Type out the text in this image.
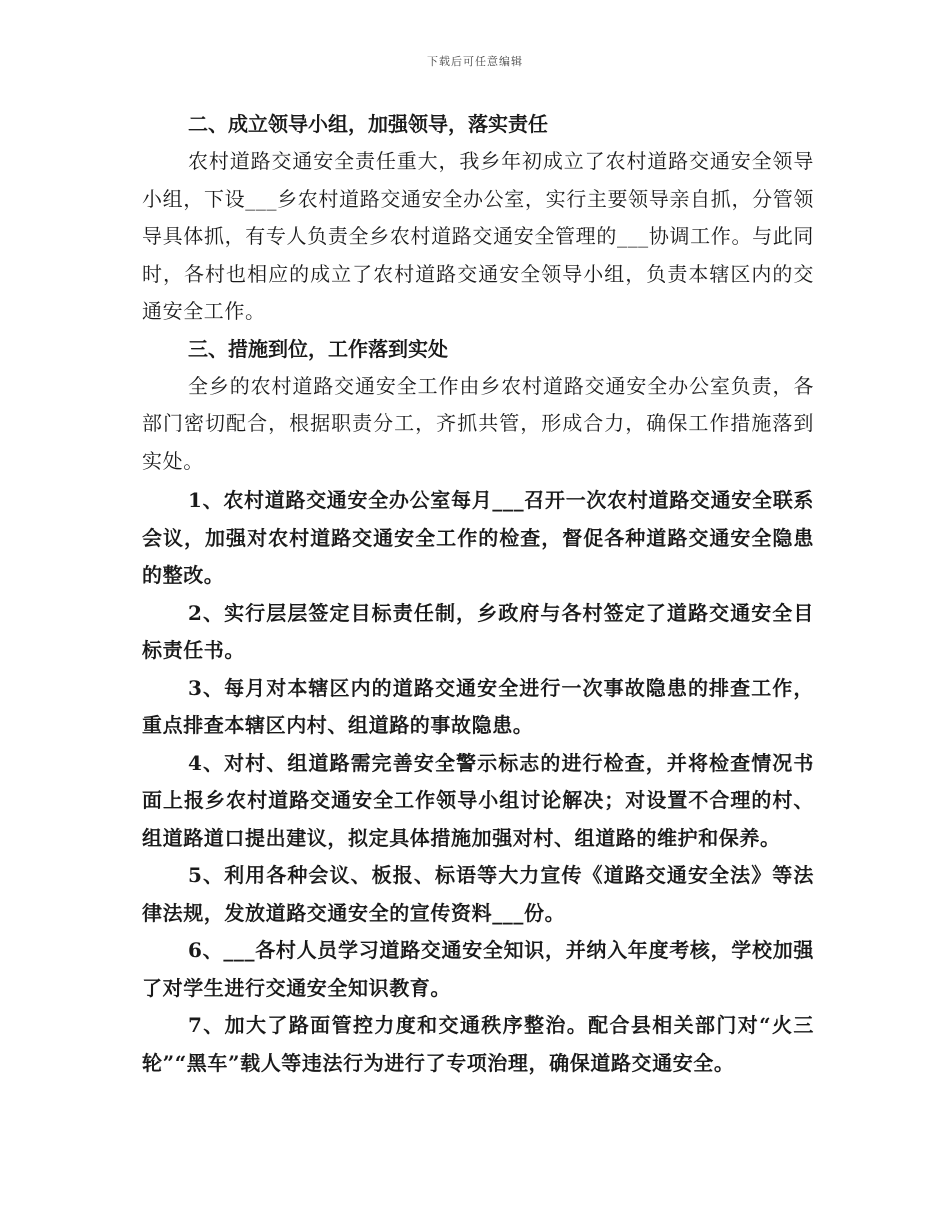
下载后可任意编辑

二、成立领导小组，加强领导，落实责任

农村道路交通安全责任重大，我乡年初成立了农村道路交通安全领导小组，下设___乡农村道路交通安全办公室，实行主要领导亲自抓，分管领导具体抓，有专人负责全乡农村道路交通安全管理的___协调工作。与此同时，各村也相应的成立了农村道路交通安全领导小组，负责本辖区内的交通安全工作。

三、措施到位，工作落到实处

全乡的农村道路交通安全工作由乡农村道路交通安全办公室负责，各部门密切配合，根据职责分工，齐抓共管，形成合力，确保工作措施落到实处。

1、农村道路交通安全办公室每月___召开一次农村道路交通安全联系会议，加强对农村道路交通安全工作的检查，督促各种道路交通安全隐患的整改。

2、实行层层签定目标责任制，乡政府与各村签定了道路交通安全目标责任书。

3、每月对本辖区内的道路交通安全进行一次事故隐患的排查工作，重点排查本辖区内村、组道路的事故隐患。

4、对村、组道路需完善安全警示标志的进行检查，并将检查情况书面上报乡农村道路交通安全工作领导小组讨论解决；对设置不合理的村、组道路道口提出建议，拟定具体措施加强对村、组道路的维护和保养。

5、利用各种会议、板报、标语等大力宣传《道路交通安全法》等法律法规，发放道路交通安全的宣传资料___份。

6、___各村人员学习道路交通安全知识，并纳入年度考核，学校加强了对学生进行交通安全知识教育。

7、加大了路面管控力度和交通秩序整治。配合县相关部门对“火三轮”“黑车”载人等违法行为进行了专项治理，确保道路交通安全。
